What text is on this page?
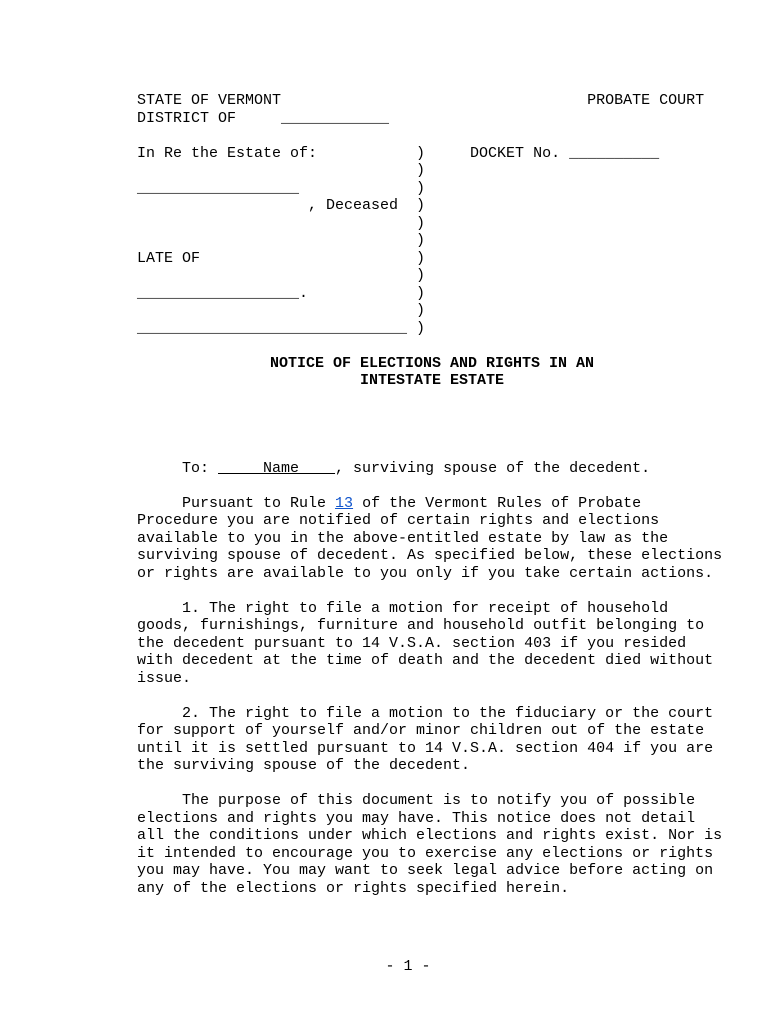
STATE OF VERMONT                                  PROBATE COURT
DISTRICT OF     ____________
In Re the Estate of:           )     DOCKET No. __________
)
__________________             )
, Deceased  )
)
)
LATE OF                        )
)
__________________.            )
)
______________________________ )
NOTICE OF ELECTIONS AND RIGHTS IN AN
INTESTATE ESTATE
To:      Name    , surviving spouse of the decedent.
Pursuant to Rule 13 of the Vermont Rules of Probate
Procedure you are notified of certain rights and elections
available to you in the above-entitled estate by law as the
surviving spouse of decedent. As specified below, these elections
or rights are available to you only if you take certain actions.
1. The right to file a motion for receipt of household
goods, furnishings, furniture and household outfit belonging to
the decedent pursuant to 14 V.S.A. section 403 if you resided
with decedent at the time of death and the decedent died without
issue.
2. The right to file a motion to the fiduciary or the court
for support of yourself and/or minor children out of the estate
until it is settled pursuant to 14 V.S.A. section 404 if you are
the surviving spouse of the decedent.
The purpose of this document is to notify you of possible
elections and rights you may have. This notice does not detail
all the conditions under which elections and rights exist. Nor is
it intended to encourage you to exercise any elections or rights
you may have. You may want to seek legal advice before acting on
any of the elections or rights specified herein.
- 1 -
